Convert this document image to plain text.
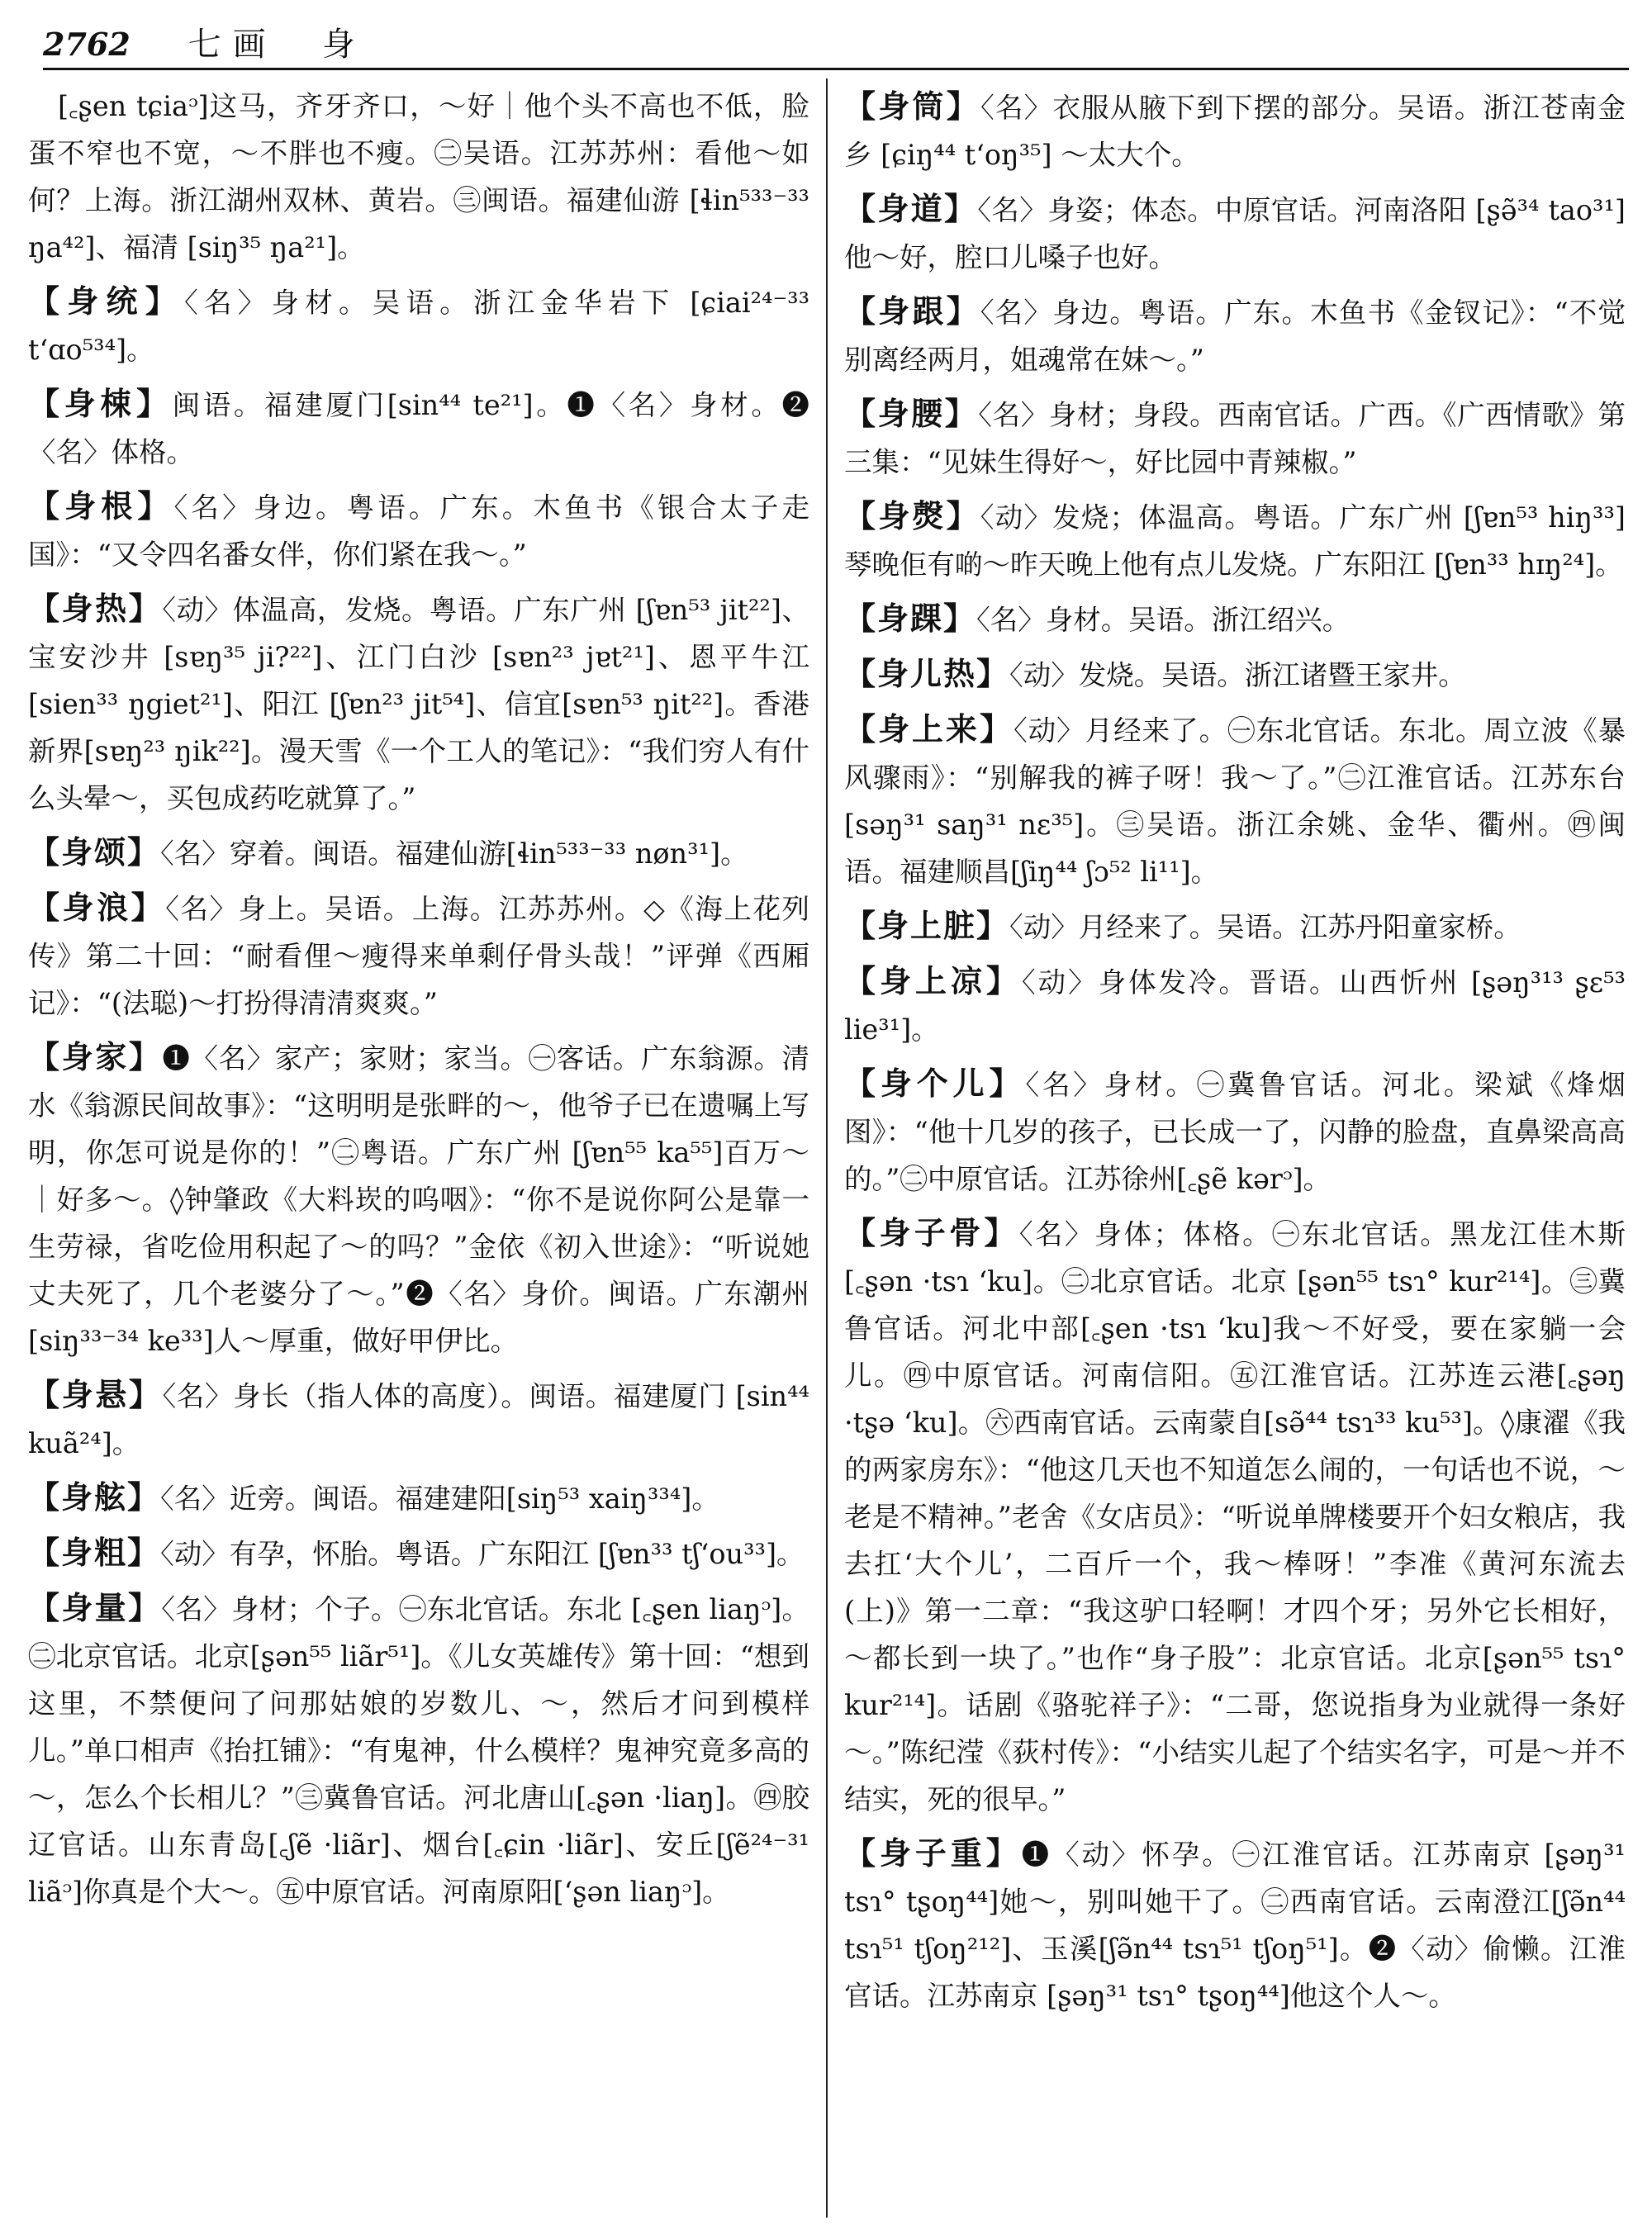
2762 七画　身

[꜀ʂen tɕiaᵓ]这马，齐牙齐口，～好｜他个头不高也不低，脸蛋不窄也不宽，～不胖也不瘦。㊁吴语。江苏苏州：看他～如何？上海。浙江湖州双林、黄岩。㊂闽语。福建仙游 [ɬin⁵³³⁻³³ ŋa⁴²]、福清 [siŋ³⁵ ŋa²¹]。

【身统】〈名〉身材。吴语。浙江金华岩下 [ɕiai²⁴⁻³³ tʻɑo⁵³⁴]。

【身梀】闽语。福建厦门[sin⁴⁴ te²¹]。❶〈名〉身材。❷〈名〉体格。

【身根】〈名〉身边。粤语。广东。木鱼书《银合太子走国》：“又令四名番女伴，你们紧在我～。”

【身热】〈动〉体温高，发烧。粤语。广东广州 [ʃɐn⁵³ jit²²]、宝安沙井 [sɐŋ³⁵ ji?²²]、江门白沙 [sɐn²³ jɐt²¹]、恩平牛江 [sien³³ ŋgiet²¹]、阳江 [ʃɐn²³ jit⁵⁴]、信宜[sɐn⁵³ ŋit²²]。香港新界[sɐŋ²³ ŋik²²]。漫天雪《一个工人的笔记》：“我们穷人有什么头晕～，买包成药吃就算了。”

【身颂】〈名〉穿着。闽语。福建仙游[ɬin⁵³³⁻³³ nøn³¹]。

【身浪】〈名〉身上。吴语。上海。江苏苏州。◇《海上花列传》第二十回：“耐看俚～瘦得来单剩仔骨头哉！”评弹《西厢记》：“(法聪)～打扮得清清爽爽。”

【身家】❶〈名〉家产；家财；家当。㊀客话。广东翁源。清水《翁源民间故事》：“这明明是张畔的～，他爷子已在遗嘱上写明，你怎可说是你的！”㊁粤语。广东广州 [ʃɐn⁵⁵ ka⁵⁵]百万～｜好多～。◊钟肇政《大料崁的呜咽》：“你不是说你阿公是靠一生劳禄，省吃俭用积起了～的吗？”金依《初入世途》：“听说她丈夫死了，几个老婆分了～。”❷〈名〉身价。闽语。广东潮州[siŋ³³⁻³⁴ ke³³]人～厚重，做好甲伊比。

【身悬】〈名〉身长（指人体的高度）。闽语。福建厦门 [sin⁴⁴ kuã²⁴]。

【身舷】〈名〉近旁。闽语。福建建阳[siŋ⁵³ xaiŋ³³⁴]。

【身粗】〈动〉有孕，怀胎。粤语。广东阳江 [ʃɐn³³ tʃʻou³³]。

【身量】〈名〉身材；个子。㊀东北官话。东北 [꜀ʂen liaŋᵓ]。㊁北京官话。北京[ʂən⁵⁵ liãr⁵¹]。《儿女英雄传》第十回：“想到这里，不禁便问了问那姑娘的岁数儿、～，然后才问到模样儿。”单口相声《抬扛铺》：“有鬼神，什么模样？鬼神究竟多高的～，怎么个长相儿？”㊂冀鲁官话。河北唐山[꜀ʂən ·liaŋ]。㊃胶辽官话。山东青岛[꜀ʃẽ ·liãr]、烟台[꜀ɕin ·liãr]、安丘[ʃẽ²⁴⁻³¹ liãᵓ]你真是个大～。㊄中原官话。河南原阳[ʻʂən liaŋᵓ]。

【身筒】〈名〉衣服从腋下到下摆的部分。吴语。浙江苍南金乡 [ɕiŋ⁴⁴ tʻoŋ³⁵] ～太大个。

【身道】〈名〉身姿；体态。中原官话。河南洛阳 [ʂə̃³⁴ tao³¹] 他～好，腔口儿嗓子也好。

【身跟】〈名〉身边。粤语。广东。木鱼书《金钗记》：“不觉别离经两月，姐魂常在妹～。”

【身腰】〈名〉身材；身段。西南官话。广西。《广西情歌》第三集：“见妹生得好～，好比园中青辣椒。”

【身㷫】〈动〉发烧；体温高。粤语。广东广州 [ʃɐn⁵³ hiŋ³³] 琴晚佢有啲～昨天晚上他有点儿发烧。广东阳江 [ʃɐn³³ hɪŋ²⁴]。

【身踝】〈名〉身材。吴语。浙江绍兴。

【身儿热】〈动〉发烧。吴语。浙江诸暨王家井。

【身上来】〈动〉月经来了。㊀东北官话。东北。周立波《暴风骤雨》：“别解我的裤子呀！我～了。”㊁江淮官话。江苏东台[səŋ³¹ saŋ³¹ nɛ³⁵]。㊂吴语。浙江余姚、金华、衢州。㊃闽语。福建顺昌[ʃiŋ⁴⁴ ʃɔ⁵² li¹¹]。

【身上脏】〈动〉月经来了。吴语。江苏丹阳童家桥。

【身上凉】〈动〉身体发冷。晋语。山西忻州 [ʂəŋ³¹³ ʂɛ⁵³ lie³¹]。

【身个儿】〈名〉身材。㊀冀鲁官话。河北。梁斌《烽烟图》：“他十几岁的孩子，已长成一了，闪静的脸盘，直鼻梁高高的。”㊁中原官话。江苏徐州[꜀ʂẽ kərᵓ]。

【身子骨】〈名〉身体；体格。㊀东北官话。黑龙江佳木斯[꜀ʂən ·tsɿ ʻku]。㊁北京官话。北京 [ʂən⁵⁵ tsɿ° kur²¹⁴]。㊂冀鲁官话。河北中部[꜀ʂen ·tsɿ ʻku]我～不好受，要在家躺一会儿。㊃中原官话。河南信阳。㊄江淮官话。江苏连云港[꜀ʂəŋ ·tʂə ʻku]。㊅西南官话。云南蒙自[sə̃⁴⁴ tsɿ³³ ku⁵³]。◊康濯《我的两家房东》：“他这几天也不知道怎么闹的，一句话也不说，～老是不精神。”老舍《女店员》：“听说单牌楼要开个妇女粮店，我去扛‘大个儿’，二百斤一个，我～棒呀！”李准《黄河东流去(上)》第一二章：“我这驴口轻啊！才四个牙；另外它长相好，～都长到一块了。”也作“身子股”：北京官话。北京[ʂən⁵⁵ tsɿ° kur²¹⁴]。话剧《骆驼祥子》：“二哥，您说指身为业就得一条好～。”陈纪滢《荻村传》：“小结实儿起了个结实名字，可是～并不结实，死的很早。”

【身子重】❶〈动〉怀孕。㊀江淮官话。江苏南京 [ʂəŋ³¹ tsɿ° tʂoŋ⁴⁴]她～，别叫她干了。㊁西南官话。云南澄江[ʃə̃n⁴⁴ tsɿ⁵¹ tʃoŋ²¹²]、玉溪[ʃə̃n⁴⁴ tsɿ⁵¹ tʃoŋ⁵¹]。❷〈动〉偷懒。江淮官话。江苏南京 [ʂəŋ³¹ tsɿ° tʂoŋ⁴⁴]他这个人～。
